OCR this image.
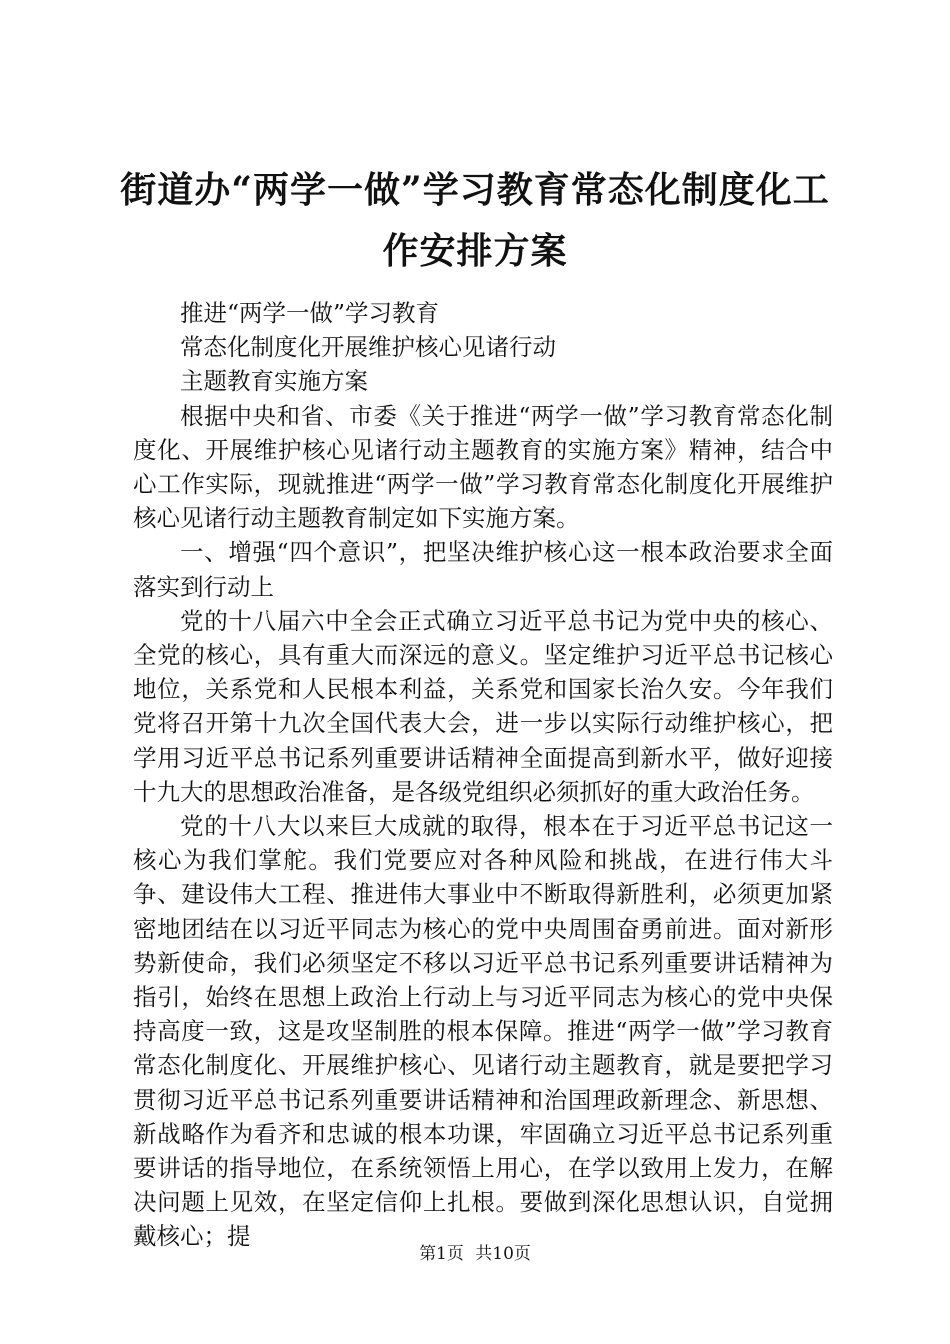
街道办“两学一做”学习教育常态化制度化工
作安排方案

推进“两学一做”学习教育

常态化制度化开展维护核心见诸行动

主题教育实施方案

根据中央和省、市委《关于推进“两学一做”学习教育常态化制度化、开展维护核心见诸行动主题教育的实施方案》精神，结合中心工作实际，现就推进“两学一做”学习教育常态化制度化开展维护核心见诸行动主题教育制定如下实施方案。

一、增强“四个意识”，把坚决维护核心这一根本政治要求全面落实到行动上

党的十八届六中全会正式确立习近平总书记为党中央的核心、全党的核心，具有重大而深远的意义。坚定维护习近平总书记核心地位，关系党和人民根本利益，关系党和国家长治久安。今年我们党将召开第十九次全国代表大会，进一步以实际行动维护核心，把学用习近平总书记系列重要讲话精神全面提高到新水平，做好迎接十九大的思想政治准备，是各级党组织必须抓好的重大政治任务。

党的十八大以来巨大成就的取得，根本在于习近平总书记这一核心为我们掌舵。我们党要应对各种风险和挑战，在进行伟大斗争、建设伟大工程、推进伟大事业中不断取得新胜利，必须更加紧密地团结在以习近平同志为核心的党中央周围奋勇前进。面对新形势新使命，我们必须坚定不移以习近平总书记系列重要讲话精神为指引，始终在思想上政治上行动上与习近平同志为核心的党中央保持高度一致，这是攻坚制胜的根本保障。推进“两学一做”学习教育常态化制度化、开展维护核心、见诸行动主题教育，就是要把学习贯彻习近平总书记系列重要讲话精神和治国理政新理念、新思想、新战略作为看齐和忠诚的根本功课，牢固确立习近平总书记系列重要讲话的指导地位，在系统领悟上用心，在学以致用上发力，在解决问题上见效，在坚定信仰上扎根。要做到深化思想认识，自觉拥戴核心；提

第1页 共10页
